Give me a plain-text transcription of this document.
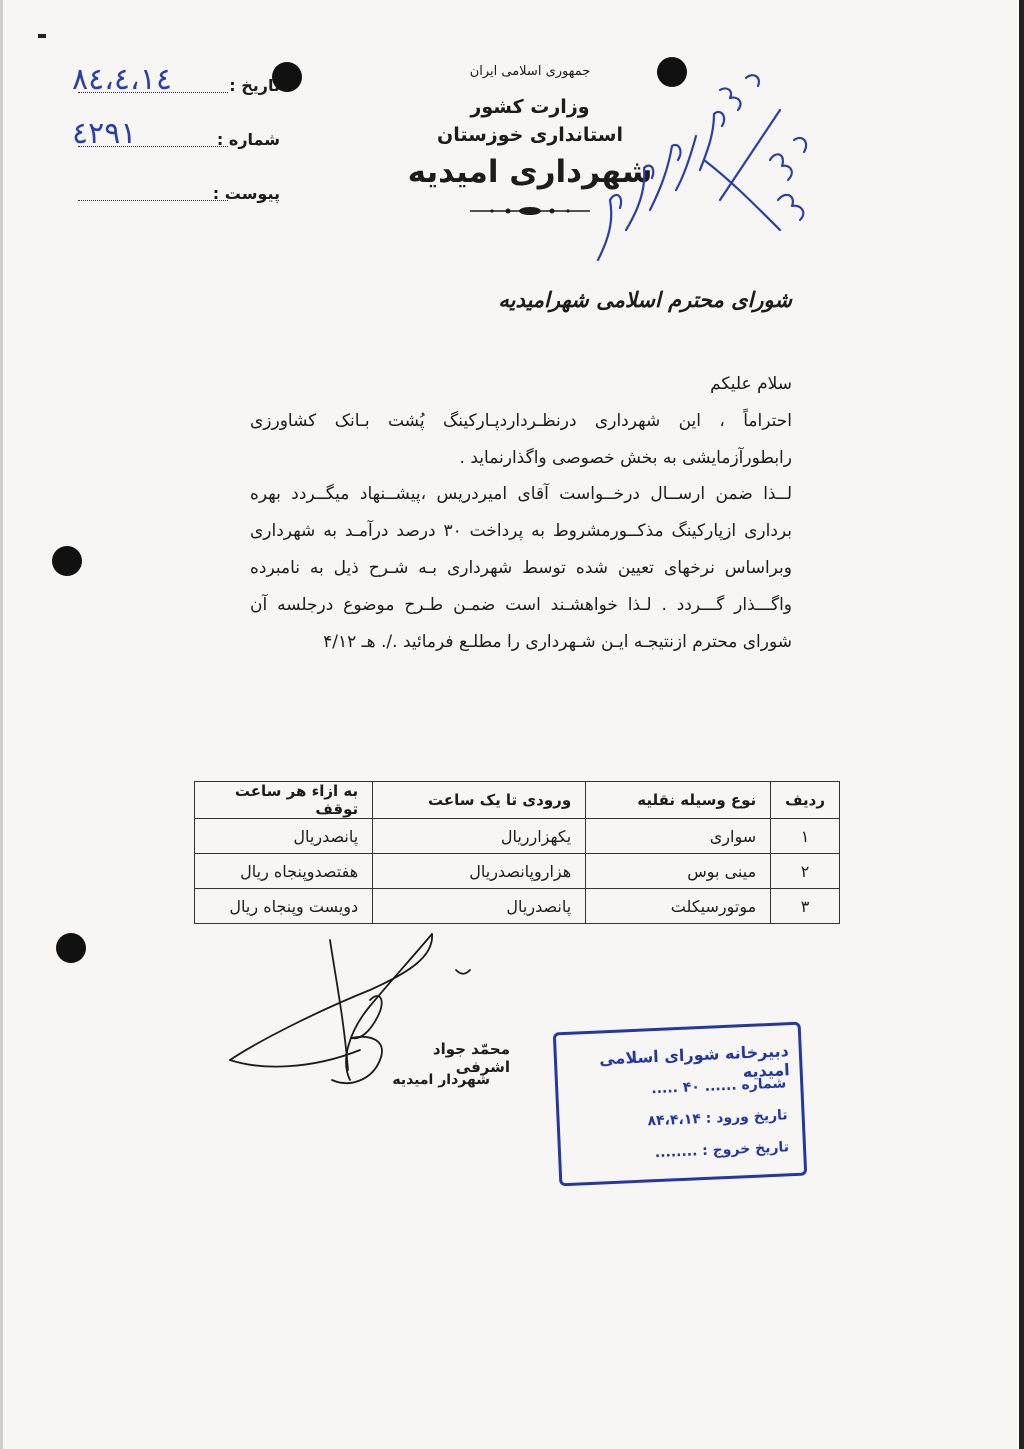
تاریخ :
۸٤،٤،١٤
شماره :
٤٢٩١
پیوست :
جمهوری اسلامی ایران
وزارت کشور
استانداری خوزستان
شهرداری امیدیه
شورای محترم اسلامی شهرامیدیه

سلام علیکم

احتراماً ، این شهرداری درنظـردارد‌پـارکینگ پُشت بـانک کشاورزی رابطورآزمایشی به بخش خصوصی واگذارنماید .

لــذا ضمن ارســال درخــواست آقای امیردریس ،پیشــنهاد میگــردد بهره برداری ازپارکینگ مذکــورمشروط به پرداخت ۳۰ درصد درآمـد به شهرداری وبراساس نرخهای تعیین شده توسط شهرداری بـه شـرح ذیل به نامبرده واگـــذار گـــردد . لـذا خواهشـند است ضمـن طـرح موضوع درجلسه آن شورای محترم ازنتیجـه ایـن شـهرداری را مطلـع فرمائید ./. هـ ۴/۱۲

ردیف	نوع وسیله نقلیه	ورودی تا یک ساعت	به ازاء هر ساعت توقف
۱	سواری	یکهزارریال	پانصدریال
۲	مینی بوس	هزاروپانصدریال	هفتصدوپنجاه ریال
۳	موتورسیکلت	پانصدریال	دویست وپنجاه ریال
محمّد جواد اشرفی
شهردار امیدیه
دبیرخانه شورای اسلامی امیدیه
شماره ...... ۴۰ .....
تاریخ ورود : ۸۴،۴،۱۴
تاریخ خروج : ........
